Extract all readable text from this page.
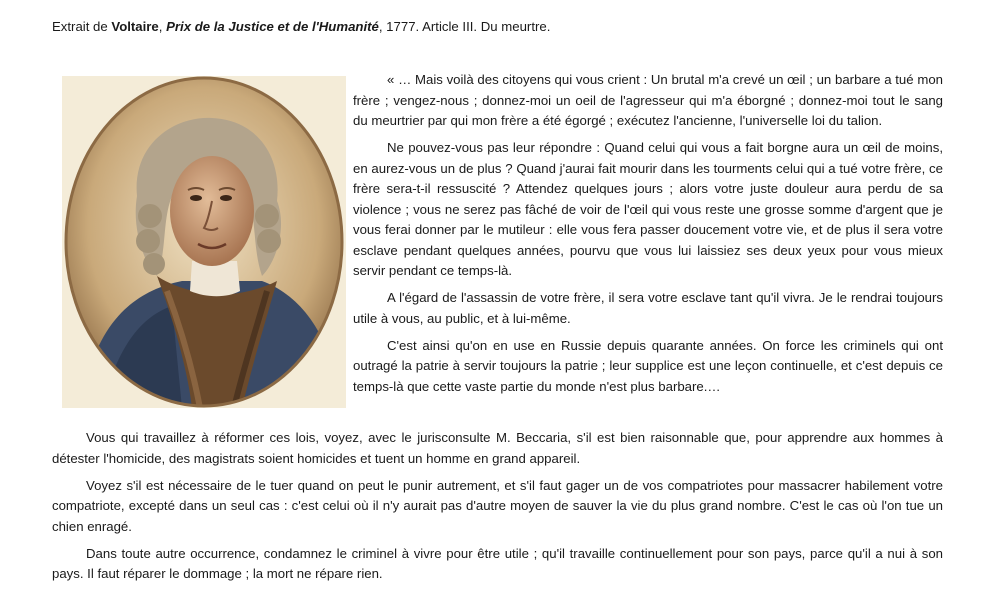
Extrait de Voltaire, Prix de la Justice et de l'Humanité, 1777. Article III. Du meurtre.

« … Mais voilà des citoyens qui vous crient : Un brutal m'a crevé un œil ; un barbare a tué mon frère ; vengez-nous ; donnez-moi un oeil de l'agresseur qui m'a éborgné ; donnez-moi tout le sang du meurtrier par qui mon frère a été égorgé ; exécutez l'ancienne, l'universelle loi du talion.

Ne pouvez-vous pas leur répondre : Quand celui qui vous a fait borgne aura un œil de moins, en aurez-vous un de plus ? Quand j'aurai fait mourir dans les tourments celui qui a tué votre frère, ce frère sera-t-il ressuscité ? Attendez quelques jours ; alors votre juste douleur aura perdu de sa violence ; vous ne serez pas fâché de voir de l'œil qui vous reste une grosse somme d'argent que je vous ferai donner par le mutileur : elle vous fera passer doucement votre vie, et de plus il sera votre esclave pendant quelques années, pourvu que vous lui laissiez ses deux yeux pour vous mieux servir pendant ce temps-là.

A l'égard de l'assassin de votre frère, il sera votre esclave tant qu'il vivra. Je le rendrai toujours utile à vous, au public, et à lui-même.

C'est ainsi qu'on en use en Russie depuis quarante années. On force les criminels qui ont outragé la patrie à servir toujours la patrie ; leur supplice est une leçon continuelle, et c'est depuis ce temps-là que cette vaste partie du monde n'est plus barbare.…

Vous qui travaillez à réformer ces lois, voyez, avec le jurisconsulte M. Beccaria, s'il est bien raisonnable que, pour apprendre aux hommes à détester l'homicide, des magistrats soient homicides et tuent un homme en grand appareil.

Voyez s'il est nécessaire de le tuer quand on peut le punir autrement, et s'il faut gager un de vos compatriotes pour massacrer habilement votre compatriote, excepté dans un seul cas : c'est celui où il n'y aurait pas d'autre moyen de sauver la vie du plus grand nombre. C'est le cas où l'on tue un chien enragé.

Dans toute autre occurrence, condamnez le criminel à vivre pour être utile ; qu'il travaille continuellement pour son pays, parce qu'il a nui à son pays. Il faut réparer le dommage ; la mort ne répare rien.
